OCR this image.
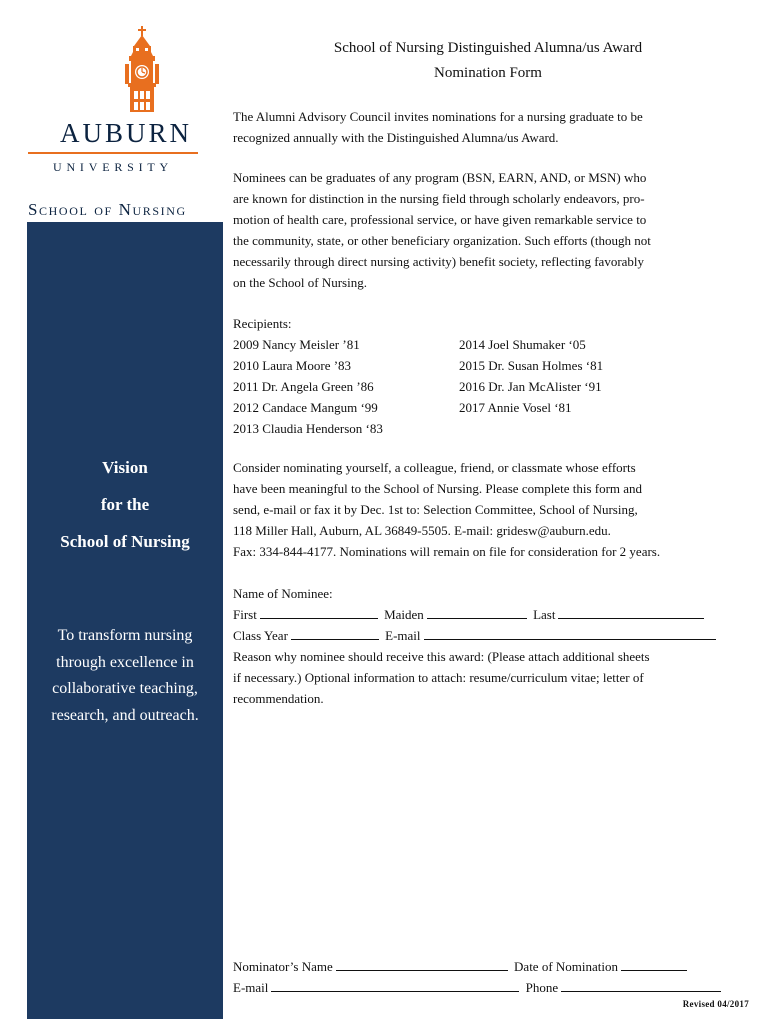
AUBURN
UNIVERSITY
School of Nursing
Vision
for the
School of Nursing
To transform nursing
through excellence in
collaborative teaching,
research, and outreach.
School of Nursing Distinguished Alumna/us Award
Nomination Form
The Alumni Advisory Council invites nominations for a nursing graduate to be
recognized annually with the Distinguished Alumna/us Award.
Nominees can be graduates of any program (BSN, EARN, AND, or MSN) who
are known for distinction in the nursing field through scholarly endeavors, pro-
motion of health care, professional service, or have given remarkable service to
the community, state, or other beneficiary organization. Such efforts (though not
necessarily through direct nursing activity) benefit society, reflecting favorably
on the School of Nursing.
Recipients:
2009 Nancy Meisler ’81
2010 Laura Moore ’83
2011 Dr. Angela Green ’86
2012 Candace Mangum ‘99
2013 Claudia Henderson ‘83
2014 Joel Shumaker ‘05
2015 Dr. Susan Holmes ‘81
2016 Dr. Jan McAlister ‘91
2017 Annie Vosel ‘81
Consider nominating yourself, a colleague, friend, or classmate whose efforts
have been meaningful to the School of Nursing. Please complete this form and
send, e-mail or fax it by Dec. 1st to: Selection Committee, School of Nursing,
118 Miller Hall, Auburn, AL 36849-5505. E-mail: gridesw@auburn.edu.
Fax: 334-844-4177. Nominations will remain on file for consideration for 2 years.
Name of Nominee:
First	Maiden	Last
Class Year	E-mail
Reason why nominee should receive this award: (Please attach additional sheets
if necessary.) Optional information to attach: resume/curriculum vitae; letter of
recommendation.
Nominator’s Name	Date of Nomination
E-mail	Phone
Revised 04/2017
